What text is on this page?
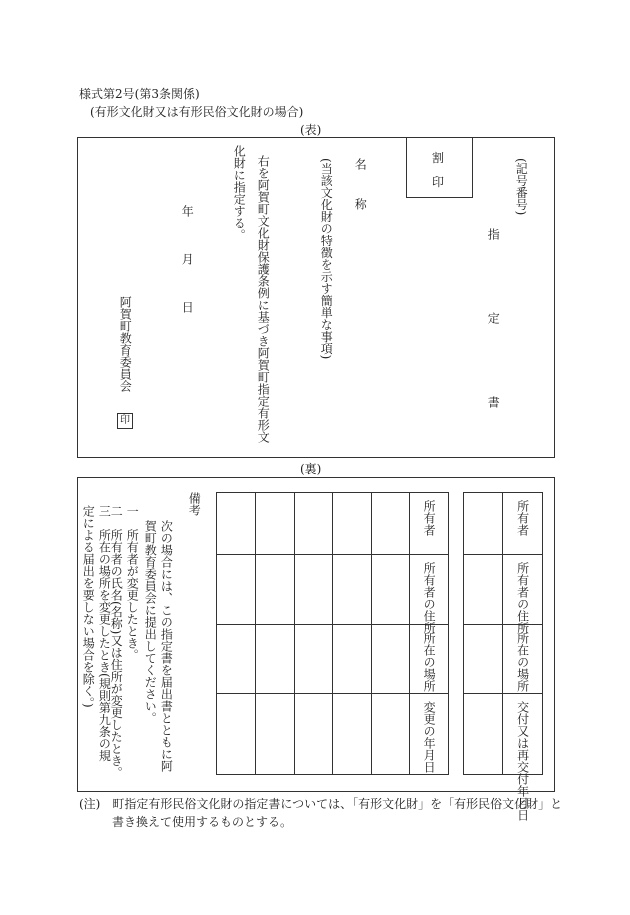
様式第2号(第3条関係)
(有形文化財又は有形民俗文化財の場合)
(表)
(記号番号)
指　定　書
割
印
名　称
(当該文化財の特徴を示す簡単な事項)
右を阿賀町文化財保護条例に基づき阿賀町指定有形文
化財に指定する。
年　月　日
阿賀町教育委員会
印
(裏)
所有者
所有者の住所
所在の場所
交付又は再交付年月日
所有者
所有者の住所
所在の場所
変更の年月日
備考
次の場合には、この指定書を届出書とともに阿賀町教育委員会に提出してください。
一　所有者が変更したとき。
二　所有者の氏名(名称)又は住所が変更したとき。
三　所在の場所を変更したとき(規則第九条の規定による届出を要しない場合を除く。)
(注)　町指定有形民俗文化財の指定書については、「有形文化財」を「有形民俗文化財」と
書き換えて使用するものとする。
